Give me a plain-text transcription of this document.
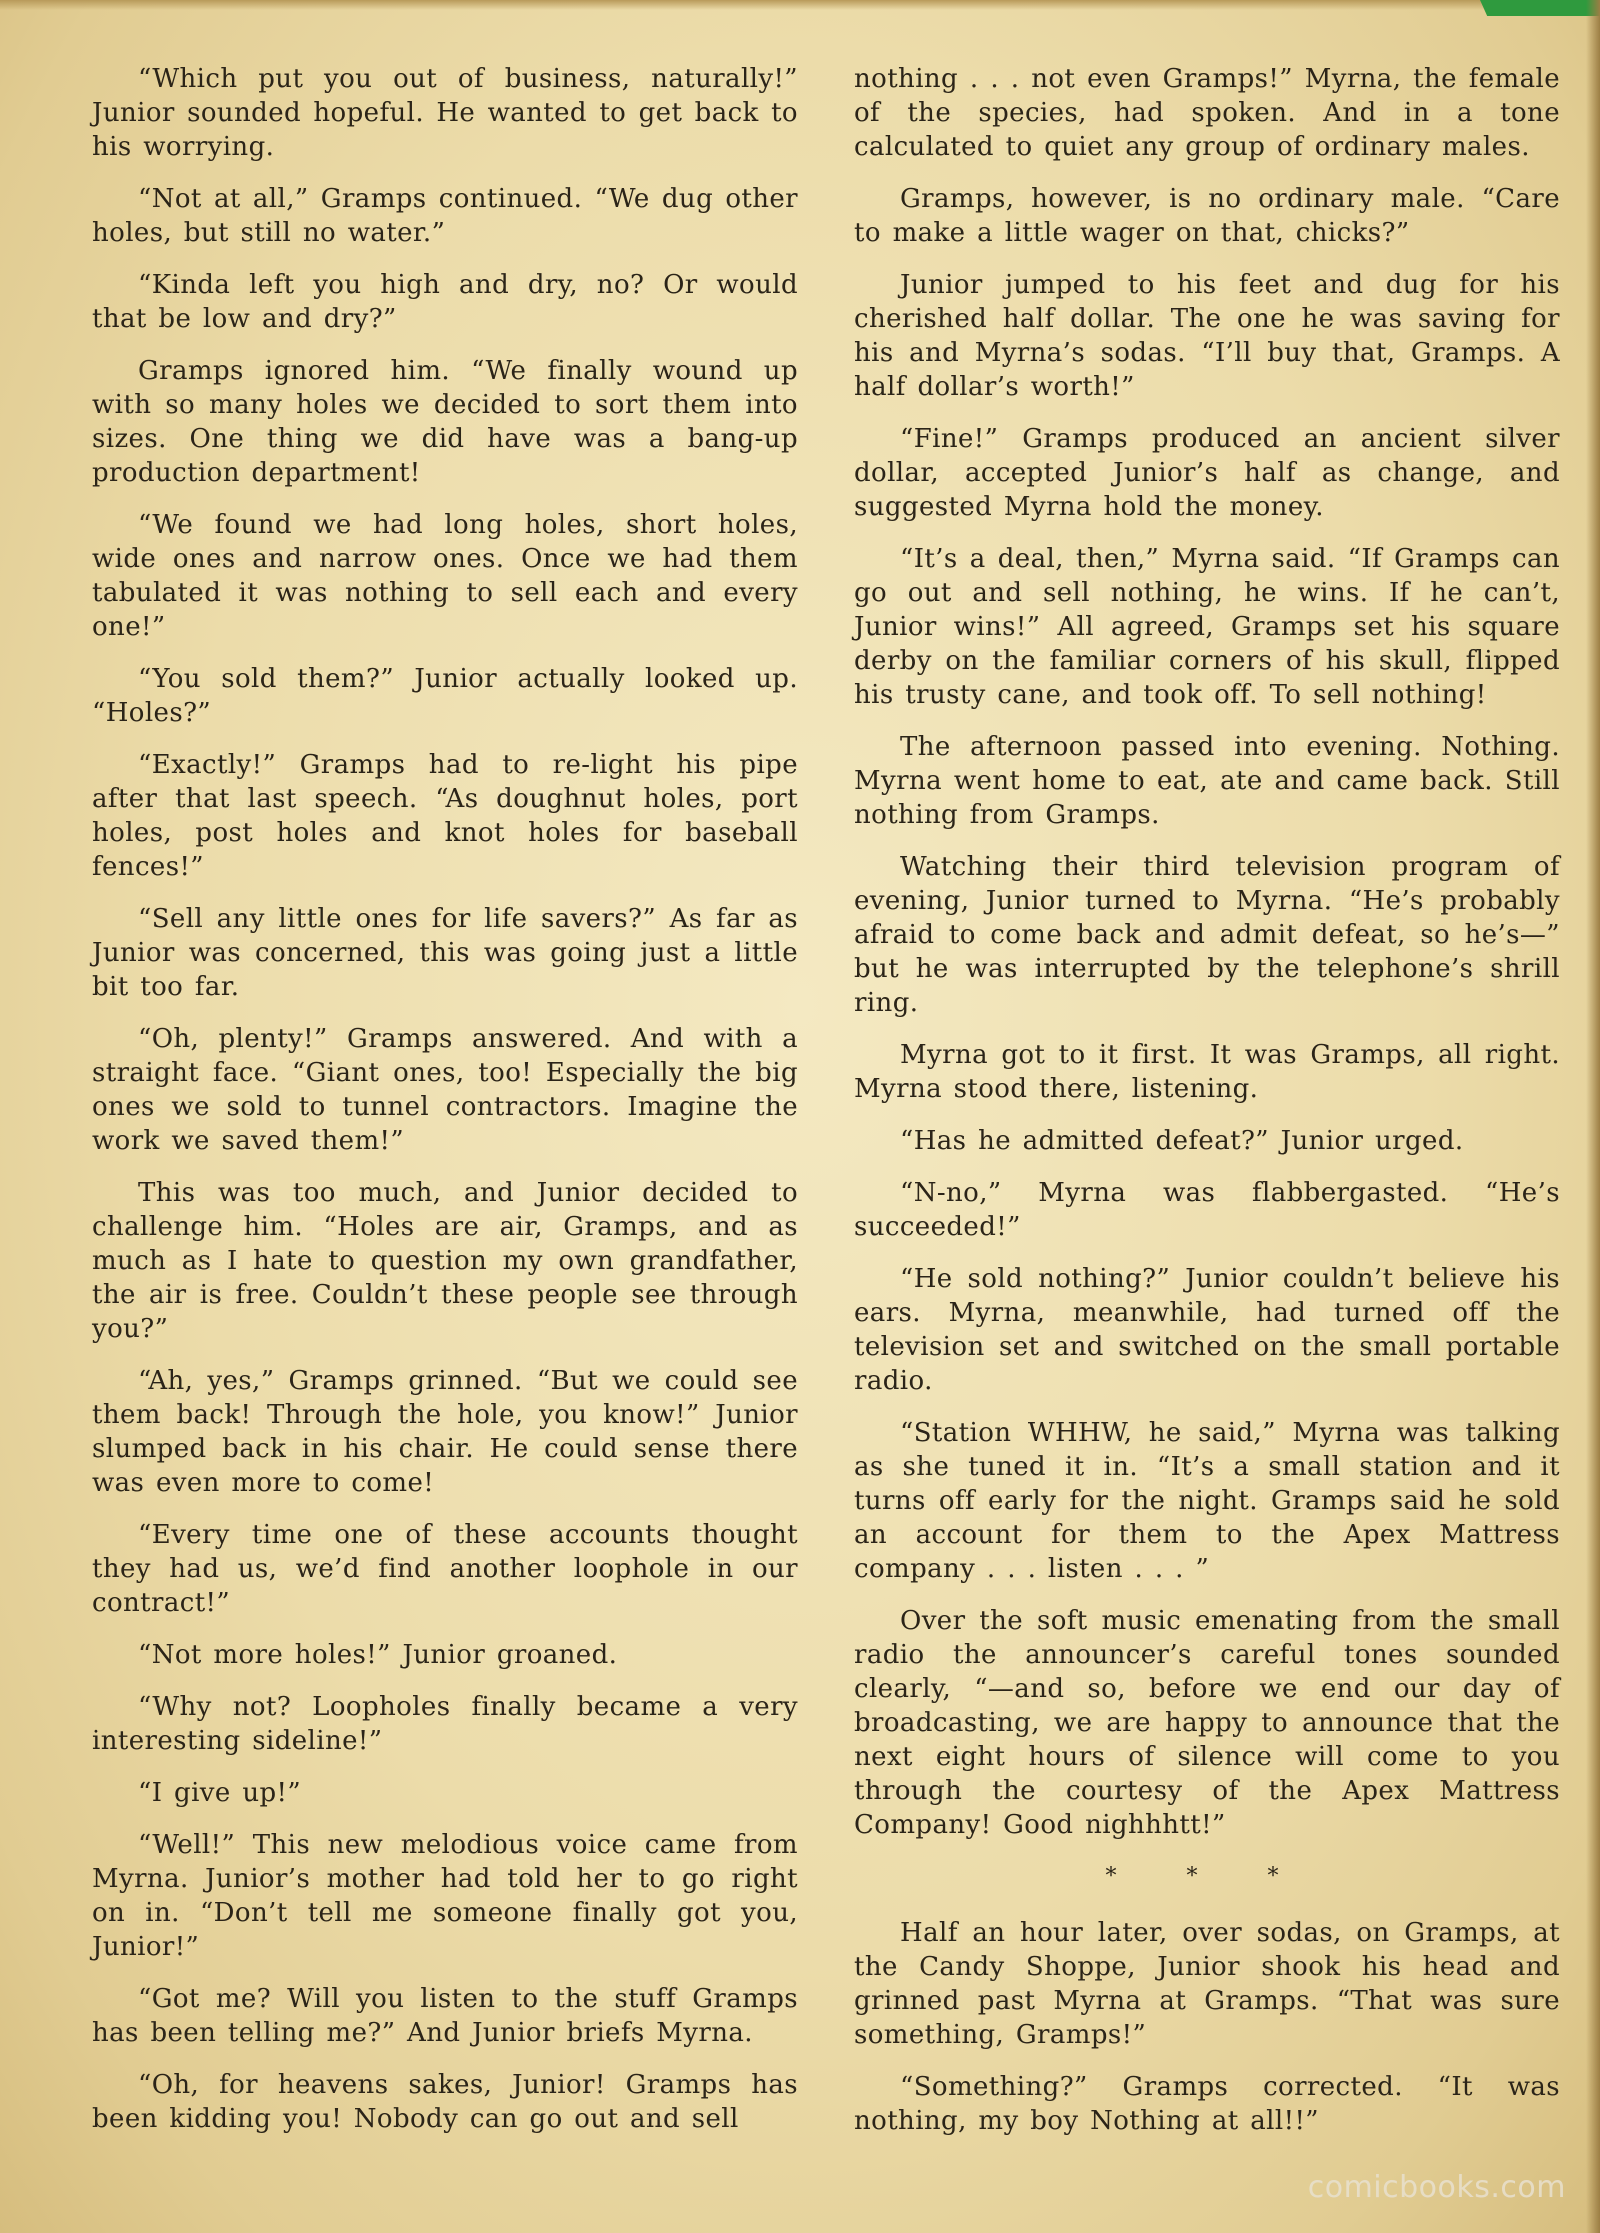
“Which put you out of business, naturally!” Junior sounded hopeful. He wanted to get back to his worrying.

“Not at all,” Gramps continued. “We dug other holes, but still no water.”

“Kinda left you high and dry, no? Or would that be low and dry?”

Gramps ignored him. “We finally wound up with so many holes we decided to sort them into sizes. One thing we did have was a bang-up production department!

“We found we had long holes, short holes, wide ones and narrow ones. Once we had them tabulated it was nothing to sell each and every one!”

“You sold them?” Junior actually looked up. “Holes?”

“Exactly!” Gramps had to re-light his pipe after that last speech. “As doughnut holes, port holes, post holes and knot holes for baseball fences!”

“Sell any little ones for life savers?” As far as Junior was concerned, this was going just a little bit too far.

“Oh, plenty!” Gramps answered. And with a straight face. “Giant ones, too! Especially the big ones we sold to tunnel contractors. Imagine the work we saved them!”

This was too much, and Junior decided to challenge him. “Holes are air, Gramps, and as much as I hate to question my own grandfather, the air is free. Couldn’t these people see through you?”

“Ah, yes,” Gramps grinned. “But we could see them back! Through the hole, you know!” Junior slumped back in his chair. He could sense there was even more to come!

“Every time one of these accounts thought they had us, we’d find another loophole in our contract!”

“Not more holes!” Junior groaned.

“Why not? Loopholes finally became a very interesting sideline!”

“I give up!”

“Well!” This new melodious voice came from Myrna. Junior’s mother had told her to go right on in. “Don’t tell me someone finally got you, Junior!”

“Got me? Will you listen to the stuff Gramps has been telling me?” And Junior briefs Myrna.

“Oh, for heavens sakes, Junior! Gramps has been kidding you! Nobody can go out and sell

nothing . . . not even Gramps!” Myrna, the female of the species, had spoken. And in a tone calculated to quiet any group of ordinary males.

Gramps, however, is no ordinary male. “Care to make a little wager on that, chicks?”

Junior jumped to his feet and dug for his cherished half dollar. The one he was saving for his and Myrna’s sodas. “I’ll buy that, Gramps. A half dollar’s worth!”

“Fine!” Gramps produced an ancient silver dollar, accepted Junior’s half as change, and suggested Myrna hold the money.

“It’s a deal, then,” Myrna said. “If Gramps can go out and sell nothing, he wins. If he can’t, Junior wins!” All agreed, Gramps set his square derby on the familiar corners of his skull, flipped his trusty cane, and took off. To sell nothing!

The afternoon passed into evening. Nothing. Myrna went home to eat, ate and came back. Still nothing from Gramps.

Watching their third television program of evening, Junior turned to Myrna. “He’s probably afraid to come back and admit defeat, so he’s—” but he was interrupted by the telephone’s shrill ring.

Myrna got to it first. It was Gramps, all right. Myrna stood there, listening.

“Has he admitted defeat?” Junior urged.

“N-no,” Myrna was flabbergasted. “He’s succeeded!”

“He sold nothing?” Junior couldn’t believe his ears. Myrna, meanwhile, had turned off the television set and switched on the small portable radio.

“Station WHHW, he said,” Myrna was talking as she tuned it in. “It’s a small station and it turns off early for the night. Gramps said he sold an account for them to the Apex Mattress company . . . listen . . . ”

Over the soft music emenating from the small radio the announcer’s careful tones sounded clearly, “—and so, before we end our day of broadcasting, we are happy to announce that the next eight hours of silence will come to you through the courtesy of the Apex Mattress Company! Good nighhhtt!”

* * *

Half an hour later, over sodas, on Gramps, at the Candy Shoppe, Junior shook his head and grinned past Myrna at Gramps. “That was sure something, Gramps!”

“Something?” Gramps corrected. “It was nothing, my boy Nothing at all!!”

comicbooks.com
